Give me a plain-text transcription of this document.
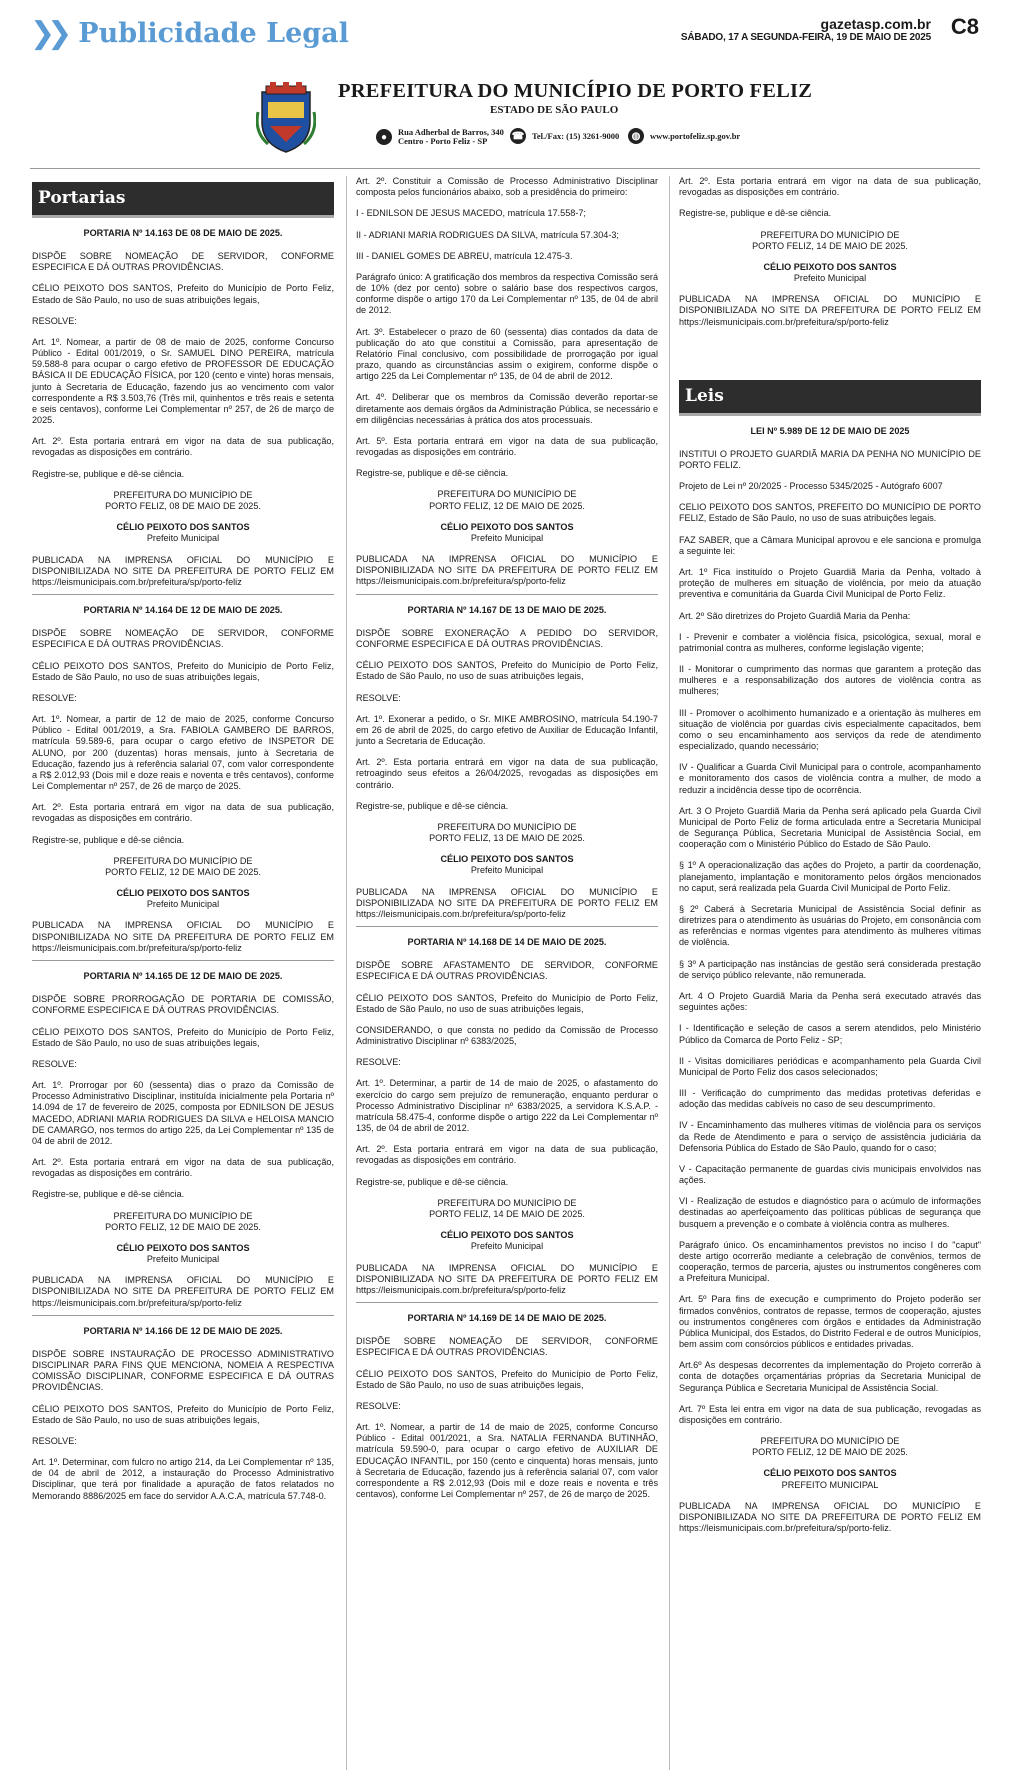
❯❯ Publicidade Legal	gazetasp.com.br
SÁBADO, 17 A SEGUNDA-FEIRA, 19 DE MAIO DE 2025 C8
PREFEITURA DO MUNICÍPIO DE PORTO FELIZ
ESTADO DE SÃO PAULO
●	Rua Adherbal de Barros, 340
Centro - Porto Feliz - SP	☎ Tel./Fax: (15) 3261-9000	◍	www.portofeliz.sp.gov.br
Portarias
PORTARIA Nº 14.163 DE 08 DE MAIO DE 2025.
DISPÕE SOBRE NOMEAÇÃO DE SERVIDOR, CONFORME ESPECIFICA E DÁ OUTRAS PROVIDÊNCIAS.
CÉLIO PEIXOTO DOS SANTOS, Prefeito do Município de Porto Feliz, Estado de São Paulo, no uso de suas atribuições legais,
RESOLVE:
Art. 1º. Nomear, a partir de 08 de maio de 2025, conforme Concurso Público - Edital 001/2019, o Sr. SAMUEL DINO PEREIRA, matrícula 59.588-8 para ocupar o cargo efetivo de PROFESSOR DE EDUCAÇÃO BÁSICA II DE EDUCAÇÃO FÍSICA, por 120 (cento e vinte) horas mensais, junto à Secretaria de Educação, fazendo jus ao vencimento com valor correspondente a R$ 3.503,76 (Três mil, quinhentos e três reais e setenta e seis centavos), conforme Lei Complementar nº 257, de 26 de março de 2025.
Art. 2º. Esta portaria entrará em vigor na data de sua publicação, revogadas as disposições em contrário.
Registre-se, publique e dê-se ciência.
PREFEITURA DO MUNICÍPIO DE
PORTO FELIZ, 08 DE MAIO DE 2025.
CÉLIO PEIXOTO DOS SANTOS
Prefeito Municipal
PUBLICADA NA IMPRENSA OFICIAL DO MUNICÍPIO E DISPONIBILIZADA NO SITE DA PREFEITURA DE PORTO FELIZ EM https://leismunicipais.com.br/prefeitura/sp/porto-feliz
PORTARIA Nº 14.164 DE 12 DE MAIO DE 2025.
DISPÕE SOBRE NOMEAÇÃO DE SERVIDOR, CONFORME ESPECIFICA E DÁ OUTRAS PROVIDÊNCIAS.
CÉLIO PEIXOTO DOS SANTOS, Prefeito do Município de Porto Feliz, Estado de São Paulo, no uso de suas atribuições legais,
RESOLVE:
Art. 1º. Nomear, a partir de 12 de maio de 2025, conforme Concurso Público - Edital 001/2019, a Sra. FABIOLA GAMBERO DE BARROS, matrícula 59.589-6, para ocupar o cargo efetivo de INSPETOR DE ALUNO, por 200 (duzentas) horas mensais, junto à Secretaria de Educação, fazendo jus à referência salarial 07, com valor correspondente a R$ 2.012,93 (Dois mil e doze reais e noventa e três centavos), conforme Lei Complementar nº 257, de 26 de março de 2025.
Art. 2º. Esta portaria entrará em vigor na data de sua publicação, revogadas as disposições em contrário.
Registre-se, publique e dê-se ciência.
PREFEITURA DO MUNICÍPIO DE
PORTO FELIZ, 12 DE MAIO DE 2025.
CÉLIO PEIXOTO DOS SANTOS
Prefeito Municipal
PUBLICADA NA IMPRENSA OFICIAL DO MUNICÍPIO E DISPONIBILIZADA NO SITE DA PREFEITURA DE PORTO FELIZ EM https://leismunicipais.com.br/prefeitura/sp/porto-feliz
PORTARIA Nº 14.165 DE 12 DE MAIO DE 2025.
DISPÕE SOBRE PRORROGAÇÃO DE PORTARIA DE COMISSÃO, CONFORME ESPECIFICA E DÁ OUTRAS PROVIDÊNCIAS.
CÉLIO PEIXOTO DOS SANTOS, Prefeito do Município de Porto Feliz, Estado de São Paulo, no uso de suas atribuições legais,
RESOLVE:
Art. 1º. Prorrogar por 60 (sessenta) dias o prazo da Comissão de Processo Administrativo Disciplinar, instituída inicialmente pela Portaria nº 14.094 de 17 de fevereiro de 2025, composta por EDNILSON DE JESUS MACEDO, ADRIANI MARIA RODRIGUES DA SILVA e HELOISA MANCIO DE CAMARGO, nos termos do artigo 225, da Lei Complementar nº 135 de 04 de abril de 2012.
Art. 2º. Esta portaria entrará em vigor na data de sua publicação, revogadas as disposições em contrário.
Registre-se, publique e dê-se ciência.
PREFEITURA DO MUNICÍPIO DE
PORTO FELIZ, 12 DE MAIO DE 2025.
CÉLIO PEIXOTO DOS SANTOS
Prefeito Municipal
PUBLICADA NA IMPRENSA OFICIAL DO MUNICÍPIO E DISPONIBILIZADA NO SITE DA PREFEITURA DE PORTO FELIZ EM https://leismunicipais.com.br/prefeitura/sp/porto-feliz
PORTARIA Nº 14.166 DE 12 DE MAIO DE 2025.
DISPÕE SOBRE INSTAURAÇÃO DE PROCESSO ADMINISTRATIVO DISCIPLINAR PARA FINS QUE MENCIONA, NOMEIA A RESPECTIVA COMISSÃO DISCIPLINAR, CONFORME ESPECIFICA E DÁ OUTRAS PROVIDÊNCIAS.
CÉLIO PEIXOTO DOS SANTOS, Prefeito do Município de Porto Feliz, Estado de São Paulo, no uso de suas atribuições legais,
RESOLVE:
Art. 1º. Determinar, com fulcro no artigo 214, da Lei Complementar nº 135, de 04 de abril de 2012, a instauração do Processo Administrativo Disciplinar, que terá por finalidade a apuração de fatos relatados no Memorando 8886/2025 em face do servidor A.A.C.A, matrícula 57.748-0.
Art. 2º. Constituir a Comissão de Processo Administrativo Disciplinar composta pelos funcionários abaixo, sob a presidência do primeiro:
I - EDNILSON DE JESUS MACEDO, matrícula 17.558-7;
II - ADRIANI MARIA RODRIGUES DA SILVA, matrícula 57.304-3;
III - DANIEL GOMES DE ABREU, matrícula 12.475-3.
Parágrafo único: A gratificação dos membros da respectiva Comissão será de 10% (dez por cento) sobre o salário base dos respectivos cargos, conforme dispõe o artigo 170 da Lei Complementar nº 135, de 04 de abril de 2012.
Art. 3º. Estabelecer o prazo de 60 (sessenta) dias contados da data de publicação do ato que constitui a Comissão, para apresentação de Relatório Final conclusivo, com possibilidade de prorrogação por igual prazo, quando as circunstâncias assim o exigirem, conforme dispõe o artigo 225 da Lei Complementar nº 135, de 04 de abril de 2012.
Art. 4º. Deliberar que os membros da Comissão deverão reportar-se diretamente aos demais órgãos da Administração Pública, se necessário e em diligências necessárias à prática dos atos processuais.
Art. 5º. Esta portaria entrará em vigor na data de sua publicação, revogadas as disposições em contrário.
Registre-se, publique e dê-se ciência.
PREFEITURA DO MUNICÍPIO DE
PORTO FELIZ, 12 DE MAIO DE 2025.
CÉLIO PEIXOTO DOS SANTOS
Prefeito Municipal
PUBLICADA NA IMPRENSA OFICIAL DO MUNICÍPIO E DISPONIBILIZADA NO SITE DA PREFEITURA DE PORTO FELIZ EM https://leismunicipais.com.br/prefeitura/sp/porto-feliz
PORTARIA Nº 14.167 DE 13 DE MAIO DE 2025.
DISPÕE SOBRE EXONERAÇÃO A PEDIDO DO SERVIDOR, CONFORME ESPECIFICA E DÁ OUTRAS PROVIDÊNCIAS.
CÉLIO PEIXOTO DOS SANTOS, Prefeito do Município de Porto Feliz, Estado de São Paulo, no uso de suas atribuições legais,
RESOLVE:
Art. 1º. Exonerar a pedido, o Sr. MIKE AMBROSINO, matrícula 54.190-7 em 26 de abril de 2025, do cargo efetivo de Auxiliar de Educação Infantil, junto a Secretaria de Educação.
Art. 2º. Esta portaria entrará em vigor na data de sua publicação, retroagindo seus efeitos a 26/04/2025, revogadas as disposições em contrário.
Registre-se, publique e dê-se ciência.
PREFEITURA DO MUNICÍPIO DE
PORTO FELIZ, 13 DE MAIO DE 2025.
CÉLIO PEIXOTO DOS SANTOS
Prefeito Municipal
PUBLICADA NA IMPRENSA OFICIAL DO MUNICÍPIO E DISPONIBILIZADA NO SITE DA PREFEITURA DE PORTO FELIZ EM https://leismunicipais.com.br/prefeitura/sp/porto-feliz
PORTARIA Nº 14.168 DE 14 DE MAIO DE 2025.
DISPÕE SOBRE AFASTAMENTO DE SERVIDOR, CONFORME ESPECIFICA E DÁ OUTRAS PROVIDÊNCIAS.
CÉLIO PEIXOTO DOS SANTOS, Prefeito do Município de Porto Feliz, Estado de São Paulo, no uso de suas atribuições legais,
CONSIDERANDO, o que consta no pedido da Comissão de Processo Administrativo Disciplinar nº 6383/2025,
RESOLVE:
Art. 1º. Determinar, a partir de 14 de maio de 2025, o afastamento do exercício do cargo sem prejuízo de remuneração, enquanto perdurar o Processo Administrativo Disciplinar nº 6383/2025, a servidora K.S.A.P. - matrícula 58.475-4, conforme dispõe o artigo 222 da Lei Complementar nº 135, de 04 de abril de 2012.
Art. 2º. Esta portaria entrará em vigor na data de sua publicação, revogadas as disposições em contrário.
Registre-se, publique e dê-se ciência.
PREFEITURA DO MUNICÍPIO DE
PORTO FELIZ, 14 DE MAIO DE 2025.
CÉLIO PEIXOTO DOS SANTOS
Prefeito Municipal
PUBLICADA NA IMPRENSA OFICIAL DO MUNICÍPIO E DISPONIBILIZADA NO SITE DA PREFEITURA DE PORTO FELIZ EM https://leismunicipais.com.br/prefeitura/sp/porto-feliz
PORTARIA Nº 14.169 DE 14 DE MAIO DE 2025.
DISPÕE SOBRE NOMEAÇÃO DE SERVIDOR, CONFORME ESPECIFICA E DÁ OUTRAS PROVIDÊNCIAS.
CÉLIO PEIXOTO DOS SANTOS, Prefeito do Município de Porto Feliz, Estado de São Paulo, no uso de suas atribuições legais,
RESOLVE:
Art. 1º. Nomear, a partir de 14 de maio de 2025, conforme Concurso Público - Edital 001/2021, a Sra. NATALIA FERNANDA BUTINHÃO, matrícula 59.590-0, para ocupar o cargo efetivo de AUXILIAR DE EDUCAÇÃO INFANTIL, por 150 (cento e cinquenta) horas mensais, junto à Secretaria de Educação, fazendo jus à referência salarial 07, com valor correspondente a R$ 2.012,93 (Dois mil e doze reais e noventa e três centavos), conforme Lei Complementar nº 257, de 26 de março de 2025.
Art. 2º. Esta portaria entrará em vigor na data de sua publicação, revogadas as disposições em contrário.
Registre-se, publique e dê-se ciência.
PREFEITURA DO MUNICÍPIO DE
PORTO FELIZ, 14 DE MAIO DE 2025.
CÉLIO PEIXOTO DOS SANTOS
Prefeito Municipal
PUBLICADA NA IMPRENSA OFICIAL DO MUNICÍPIO E DISPONIBILIZADA NO SITE DA PREFEITURA DE PORTO FELIZ EM https://leismunicipais.com.br/prefeitura/sp/porto-feliz
Leis
LEI Nº 5.989 DE 12 DE MAIO DE 2025
INSTITUI O PROJETO GUARDIÃ MARIA DA PENHA NO MUNICÍPIO DE PORTO FELIZ.
Projeto de Lei nº 20/2025 - Processo 5345/2025 - Autógrafo 6007
CELIO PEIXOTO DOS SANTOS, PREFEITO DO MUNICÍPIO DE PORTO FELIZ, Estado de São Paulo, no uso de suas atribuições legais.
FAZ SABER, que a Câmara Municipal aprovou e ele sanciona e promulga a seguinte lei:
Art. 1º Fica instituído o Projeto Guardiã Maria da Penha, voltado à proteção de mulheres em situação de violência, por meio da atuação preventiva e comunitária da Guarda Civil Municipal de Porto Feliz.
Art. 2º São diretrizes do Projeto Guardiã Maria da Penha:
I - Prevenir e combater a violência física, psicológica, sexual, moral e patrimonial contra as mulheres, conforme legislação vigente;
II - Monitorar o cumprimento das normas que garantem a proteção das mulheres e a responsabilização dos autores de violência contra as mulheres;
III - Promover o acolhimento humanizado e a orientação às mulheres em situação de violência por guardas civis especialmente capacitados, bem como o seu encaminhamento aos serviços da rede de atendimento especializado, quando necessário;
IV - Qualificar a Guarda Civil Municipal para o controle, acompanhamento e monitoramento dos casos de violência contra a mulher, de modo a reduzir a incidência desse tipo de ocorrência.
Art. 3 O Projeto Guardiã Maria da Penha será aplicado pela Guarda Civil Municipal de Porto Feliz de forma articulada entre a Secretaria Municipal de Segurança Pública, Secretaria Municipal de Assistência Social, em cooperação com o Ministério Público do Estado de São Paulo.
§ 1º A operacionalização das ações do Projeto, a partir da coordenação, planejamento, implantação e monitoramento pelos órgãos mencionados no caput, será realizada pela Guarda Civil Municipal de Porto Feliz.
§ 2º Caberá à Secretaria Municipal de Assistência Social definir as diretrizes para o atendimento às usuárias do Projeto, em consonância com as referências e normas vigentes para atendimento às mulheres vítimas de violência.
§ 3º A participação nas instâncias de gestão será considerada prestação de serviço público relevante, não remunerada.
Art. 4 O Projeto Guardiã Maria da Penha será executado através das seguintes ações:
I - Identificação e seleção de casos a serem atendidos, pelo Ministério Público da Comarca de Porto Feliz - SP;
II - Visitas domiciliares periódicas e acompanhamento pela Guarda Civil Municipal de Porto Feliz dos casos selecionados;
III - Verificação do cumprimento das medidas protetivas deferidas e adoção das medidas cabíveis no caso de seu descumprimento.
IV - Encaminhamento das mulheres vítimas de violência para os serviços da Rede de Atendimento e para o serviço de assistência judiciária da Defensoria Pública do Estado de São Paulo, quando for o caso;
V - Capacitação permanente de guardas civis municipais envolvidos nas ações.
VI - Realização de estudos e diagnóstico para o acúmulo de informações destinadas ao aperfeiçoamento das políticas públicas de segurança que busquem a prevenção e o combate à violência contra as mulheres.
Parágrafo único. Os encaminhamentos previstos no inciso I do "caput" deste artigo ocorrerão mediante a celebração de convênios, termos de cooperação, termos de parceria, ajustes ou instrumentos congêneres com a Prefeitura Municipal.
Art. 5º Para fins de execução e cumprimento do Projeto poderão ser firmados convênios, contratos de repasse, termos de cooperação, ajustes ou instrumentos congêneres com órgãos e entidades da Administração Pública Municipal, dos Estados, do Distrito Federal e de outros Municípios, bem assim com consórcios públicos e entidades privadas.
Art.6º As despesas decorrentes da implementação do Projeto correrão à conta de dotações orçamentárias próprias da Secretaria Municipal de Segurança Pública e Secretaria Municipal de Assistência Social.
Art. 7º Esta lei entra em vigor na data de sua publicação, revogadas as disposições em contrário.
PREFEITURA DO MUNICÍPIO DE
PORTO FELIZ, 12 DE MAIO DE 2025.
CÉLIO PEIXOTO DOS SANTOS
PREFEITO MUNICIPAL
PUBLICADA NA IMPRENSA OFICIAL DO MUNICÍPIO E DISPONIBILIZADA NO SITE DA PREFEITURA DE PORTO FELIZ EM https://leismunicipais.com.br/prefeitura/sp/porto-feliz.
